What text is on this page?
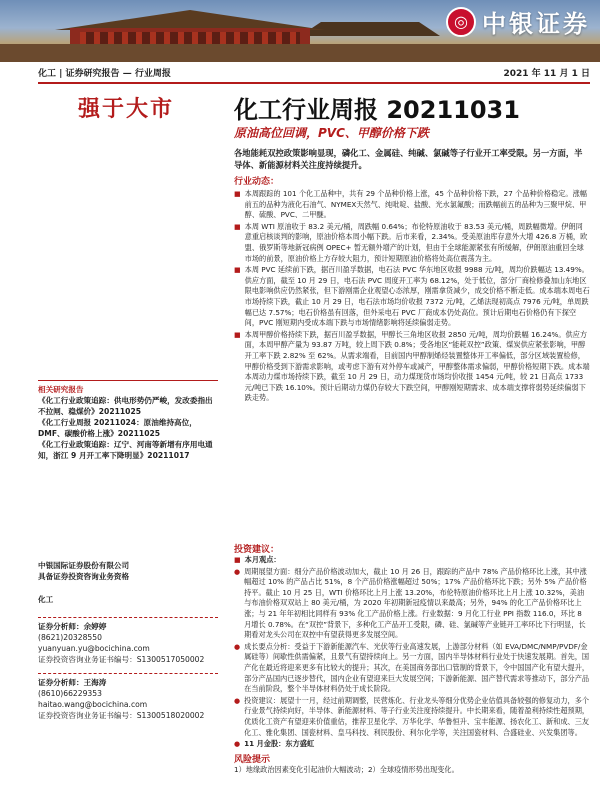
◎ 中银证券
化工 | 证券研究报告 — 行业周报	2021 年 11 月 1 日
强于大市 化工行业周报 20211031
原油高位回调，PVC、甲醇价格下跌
各地能耗双控政策影响显现，磷化工、金属硅、纯碱、氯碱等子行业开工率受限。另一方面，半导体、新能源材料关注度持续提升。
行业动态：
■ 本周跟踪的 101 个化工品种中，共有 29 个品种价格上涨，45 个品种价格下跌，27 个品种价格稳定。涨幅前五的品种为液化石油气、NYMEX天然气、纯吡啶、盐酸、光水氯氟酸；而跌幅前五的品种为三聚甲烷、甲醇、硫酸、PVC、二甲醚。
■ 本周 WTI 原油收于 83.2 美元/桶，周跌幅 0.64%；布伦特原油收于 83.53 美元/桶，周跌幅微增。伊朗同意重启核谈判的影响，原油价格本周小幅下跌。后市来看，2.34%。受美原油库存意外大增 426.8 万桶，欧盟、俄罗斯等地新冠病例 OPEC+ 暂无额外增产的计划，但由于全球能源紧张有所缓解，伊朗原油重回全球市场的前景，原油价格上方存较大阻力，预计短期原油价格将处高位震荡为主。
■ 本周 PVC 延续前下跌，据百川盈孚数据，电石法 PVC 华东地区收报 9988 元/吨，周均价跌幅达 13.49%。供应方面，截至 10 月 29 日，电石法 PVC 周度开工率为 68.12%，处于低位，部分厂商检修叠加山东地区限电影响供应仍然紧张，但下游刚需企业观望心态浓厚，刚需拿货减少，成交价格不断走低。成本端本周电石市场持续下跌，截止 10 月 29 日，电石法市场均价收报 7372 元/吨，乙烯法现初高点 7976 元/吨，单周跌幅已达 7.57%；电石价格虽有回落，但外采电石 PVC 厂商成本仍处高位。预计后期电石价格仍有下探空间，PVC 刚短期内受成本端下跌与市场情绪影响将延续偏弱走势。
■ 本周甲醇价格持续下跌，据百川盈孚数据，甲醇长三角地区收报 2850 元/吨，周均价跌幅 16.24%。供应方面，本周甲醇产量为 93.87 万吨，较上周下跌 0.8%；受各地区“能耗双控”政策、煤炭供应紧张影响，甲醇开工率下跌 2.82% 至 62%。从需求端看，目前国内甲醇制烯烃装置整体开工率偏低，部分区域装置检修，甲醇价格受到下游需求影响，或考虑下游有对外停车或减产，甲醇整体需求偏弱，甲醇价格短期下跌。成本端本周动力煤市场持续下跌，截至 10 月 29 日，动力煤现货市场均价收报 1454 元/吨，较 21 日高点 1733 元/吨已下跌 16.10%。预计后期动力煤仍存较大下跌空间，甲醇刚短期需求、成本端支撑将弱势延续偏弱下跌走势。
投资建议：
■ 本月观点：
● 周期展望方面：细分产品价格波动加大，截止 10 月 26 日，跟踪的产品中 78% 产品价格环比上涨，其中涨幅超过 10% 的产品占比 51%，8 个产品价格涨幅超过 50%；17% 产品价格环比下跌；另外 5% 产品价格持平。截止 10 月 25 日，WTI 价格环比上月上涨 13.20%，布伦特原油价格环比上月上涨 10.32%，美油与布油价格双双站上 80 美元/桶，为 2020 年初期新冠疫情以来最高；另外，94% 的化工产品价格环比上涨；与 21 年年初相比同样有 93% 化工产品价格上涨。行业数据：9 月化工行业 PPI 指数 116.0，环比 8 月增长 0.78%。在“双控”背景下，多种化工产品开工受限，磷、硅、氯碱等产业链开工率环比下行明显，长期看对龙头公司在双控中有望获得更多发展空间。
● 成长要点分析：受益于下游新能源汽车、光伏等行业高速发展，上游部分材料（如 EVA/DMC/NMP/PVDF/金属硅等）间歇性供需偏紧，且景气有望持续向上。另一方面，国内半导体材料行业处于快速发展期。首先，国产化在最近将迎来更多有比较大的提升；其次，在美国商务部出口管制的背景下，令中国国产化有望大提升，部分产品国内已逐步替代，国内企业有望迎来巨大发展空间；下游新能源、国产替代需求等推动下，部分产品在当前阶段，整个半导体材料仍处于成长阶段。
● 投资建议：展望十一月，经过前期调整，民营炼化、行业龙头等细分优势企业估值具备较强的修复动力，多个行业景气持续向好，半导体、新能源材料、等子行业关注度持续提升。中长期来看，随着盈利持续性超预期，优质化工资产有望迎来价值重估，推荐卫星化学、万华化学、华鲁恒升、宝丰能源、扬农化工、新和成、三友化工、雅化集团、国瓷材料、皇马科技、利民股份、利尔化学等，关注国瓷材料、合盛硅业、兴发集团等。
● 11 月金股：东方盛虹
风险提示
1）地缘政治因素变化引起油价大幅波动；2）全球疫情形势出现变化。
相关研究报告
《化工行业政策追踪：供电形势仍严峻，发改委指出不拉闸、稳煤价》20211025
《化工行业周报 20211024：原油维持高位，DMF、碳酸价格上涨》20211025
《化工行业政策追踪：辽宁、河南等新增有序用电通知，浙江 9 月开工率下降明显》20211017
中银国际证券股份有限公司
具备证券投资咨询业务资格
化工
证券分析师：余婷婷
(8621)20328550
yuanyuan.yu@bocichina.com
证券投资咨询业务证书编号：S1300517050002
证券分析师：王海涛
(8610)66229353
haitao.wang@bocichina.com
证券投资咨询业务证书编号：S1300518020002
